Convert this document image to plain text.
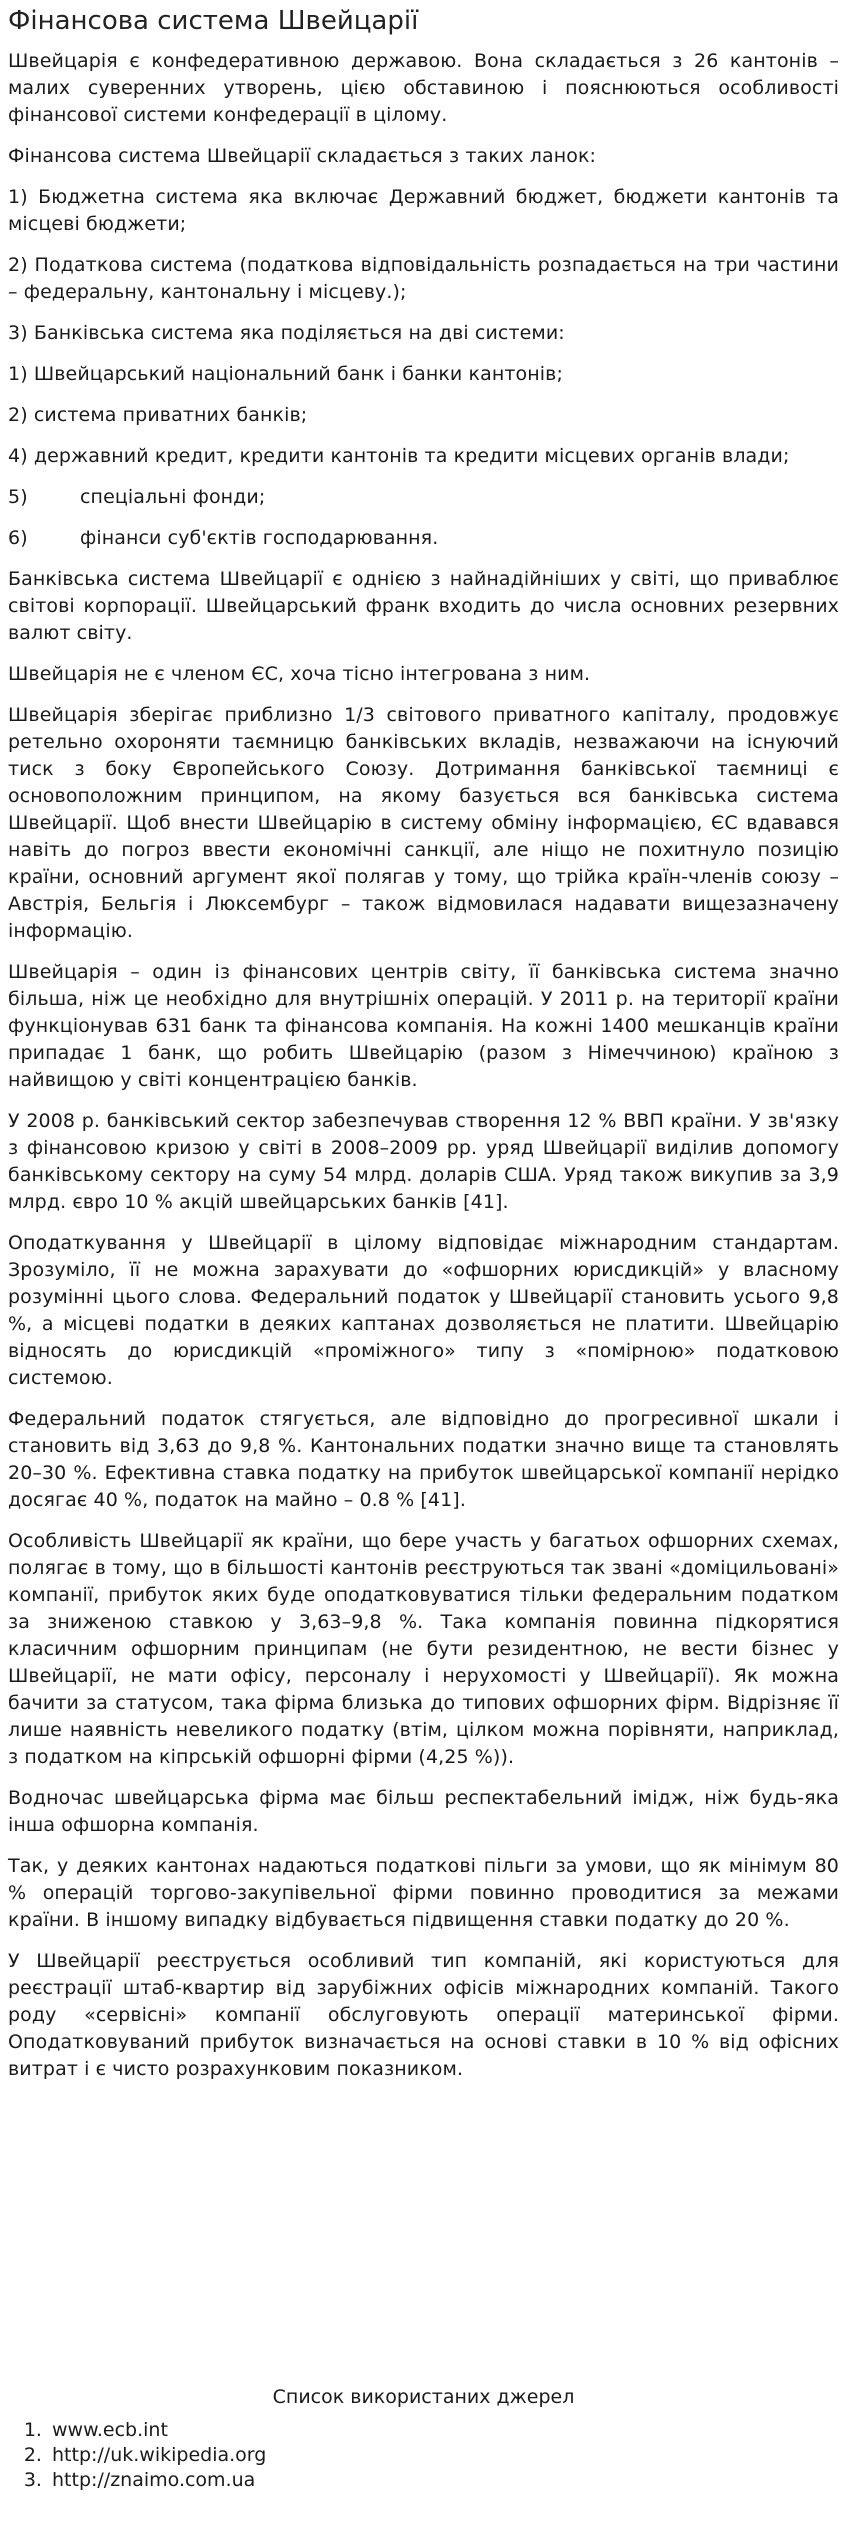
Фінансова система Швейцарії

Швейцарія є конфедеративною державою. Вона складається з 26 кантонів – малих суверенних утворень, цією обставиною і пояснюються особливості фінансової системи конфедерації в цілому.

Фінансова система Швейцарії складається з таких ланок:

1) Бюджетна система яка включає Державний бюджет, бюджети кантонів та місцеві бюджети;

2) Податкова система (податкова відповідальність розпадається на три частини – федеральну, кантональну і місцеву.);

3) Банківська система яка поділяється на дві системи:

1) Швейцарський національний банк і банки кантонів;

2) система приватних банків;

4) державний кредит, кредити кантонів та кредити місцевих органів влади;

5)	спеціальні фонди;

6)	фінанси суб'єктів господарювання.

Банківська система Швейцарії є однією з найнадійніших у світі, що приваблює світові корпорації. Швейцарський франк входить до числа основних резервних валют світу.

Швейцарія не є членом ЄС, хоча тісно інтегрована з ним.

Швейцарія зберігає приблизно 1/3 світового приватного капіталу, продовжує ретельно охороняти таємницю банківських вкладів, незважаючи на існуючий тиск з боку Європейського Союзу. Дотримання банківської таємниці є основоположним принципом, на якому базується вся банківська система Швейцарії. Щоб внести Швейцарію в систему обміну інформацією, ЄС вдавався навіть до погроз ввести економічні санкції, але ніщо не похитнуло позицію країни, основний аргумент якої полягав у тому, що трійка країн-членів союзу – Австрія, Бельгія і Люксембург – також відмовилася надавати вищезазначену інформацію.

Швейцарія – один із фінансових центрів світу, її банківська система значно більша, ніж це необхідно для внутрішніх операцій. У 2011 р. на території країни функціонував 631 банк та фінансова компанія. На кожні 1400 мешканців країни припадає 1 банк, що робить Швейцарію (разом з Німеччиною) країною з найвищою у світі концентрацією банків.

У 2008 р. банківський сектор забезпечував створення 12 % ВВП країни. У зв'язку з фінансовою кризою у світі в 2008–2009 рр. уряд Швейцарії виділив допомогу банківському сектору на суму 54 млрд. доларів США. Уряд також викупив за 3,9 млрд. євро 10 % акцій швейцарських банків [41].

Оподаткування у Швейцарії в цілому відповідає міжнародним стандартам. Зрозуміло, її не можна зарахувати до «офшорних юрисдикцій» у власному розумінні цього слова. Федеральний податок у Швейцарії становить усього 9,8 %, а місцеві податки в деяких каптанах дозволяється не платити. Швейцарію відносять до юрисдикцій «проміжного» типу з «помірною» податковою системою.

Федеральний податок стягується, але відповідно до прогресивної шкали і становить від 3,63 до 9,8 %. Кантональних податки значно вище та становлять 20–30 %. Ефективна ставка податку на прибуток швейцарської компанії нерідко досягає 40 %, податок на майно – 0.8 % [41].

Особливість Швейцарії як країни, що бере участь у багатьох офшорних схемах, полягає в тому, що в більшості кантонів реєструються так звані «доміцильовані» компанії, прибуток яких буде оподатковуватися тільки федеральним податком за зниженою ставкою у 3,63–9,8 %. Така компанія повинна підкорятися класичним офшорним принципам (не бути резидентною, не вести бізнес у Швейцарії, не мати офісу, персоналу і нерухомості у Швейцарії). Як можна бачити за статусом, така фірма близька до типових офшорних фірм. Відрізняє її лише наявність невеликого податку (втім, цілком можна порівняти, наприклад, з податком на кіпрській офшорні фірми (4,25 %)).

Водночас швейцарська фірма має більш респектабельний імідж, ніж будь-яка інша офшорна компанія.

Так, у деяких кантонах надаються податкові пільги за умови, що як мінімум 80 % операцій торгово-закупівельної фірми повинно проводитися за межами країни. В іншому випадку відбувається підвищення ставки податку до 20 %.

У Швейцарії реєструється особливий тип компаній, які користуються для реєстрації штаб-квартир від зарубіжних офісів міжнародних компаній. Такого роду «сервісні» компанії обслуговують операції материнської фірми. Оподатковуваний прибуток визначається на основі ставки в 10 % від офісних витрат і є чисто розрахунковим показником.

Список використаних джерел
1. www.ecb.int
2. http://uk.wikipedia.org
3. http://znaimo.com.ua
